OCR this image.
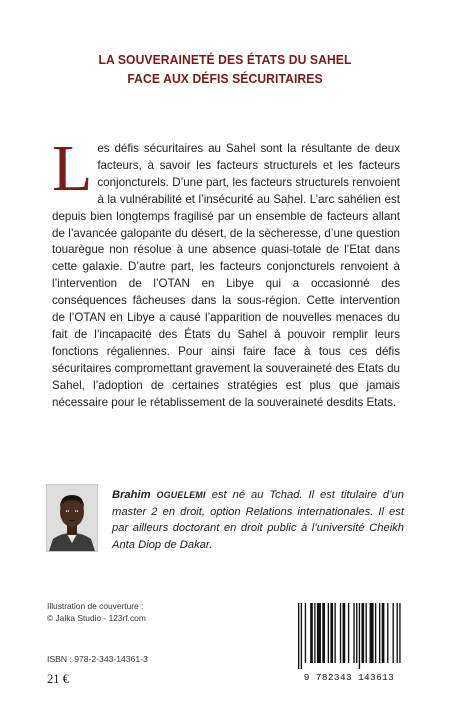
LA SOUVERAINETÉ DES ÉTATS DU SAHEL
FACE AUX DÉFIS SÉCURITAIRES
Les défis sécuritaires au Sahel sont la résultante de deux facteurs, à savoir les facteurs structurels et les facteurs conjoncturels. D’une part, les facteurs structurels renvoient à la vulnérabilité et l’insécurité au Sahel. L’arc sahélien est depuis bien longtemps fragilisé par un ensemble de facteurs allant de l’avancée galopante du désert, de la sècheresse, d’une question touarègue non résolue à une absence quasi-totale de l’Etat dans cette galaxie. D’autre part, les facteurs conjoncturels renvoient à l’intervention de l’OTAN en Libye qui a occasionné des conséquences fâcheuses dans la sous-région. Cette intervention de l’OTAN en Libye a causé l’apparition de nouvelles menaces du fait de l’incapacité des États du Sahel à pouvoir remplir leurs fonctions régaliennes. Pour ainsi faire face à tous ces défis sécuritaires compromettant gravement la souveraineté des Etats du Sahel, l’adoption de certaines stratégies est plus que jamais nécessaire pour le rétablissement de la souveraineté desdits Etats.
Brahim OGUELEMI est né au Tchad. Il est titulaire d’un master 2 en droit, option Relations internationales. Il est par ailleurs doctorant en droit public à l’université Cheikh Anta Diop de Dakar.
Illustration de couverture :
© Jalka Studio - 123rf.com
ISBN : 978-2-343-14361-3
21 €	9 782343 143613
